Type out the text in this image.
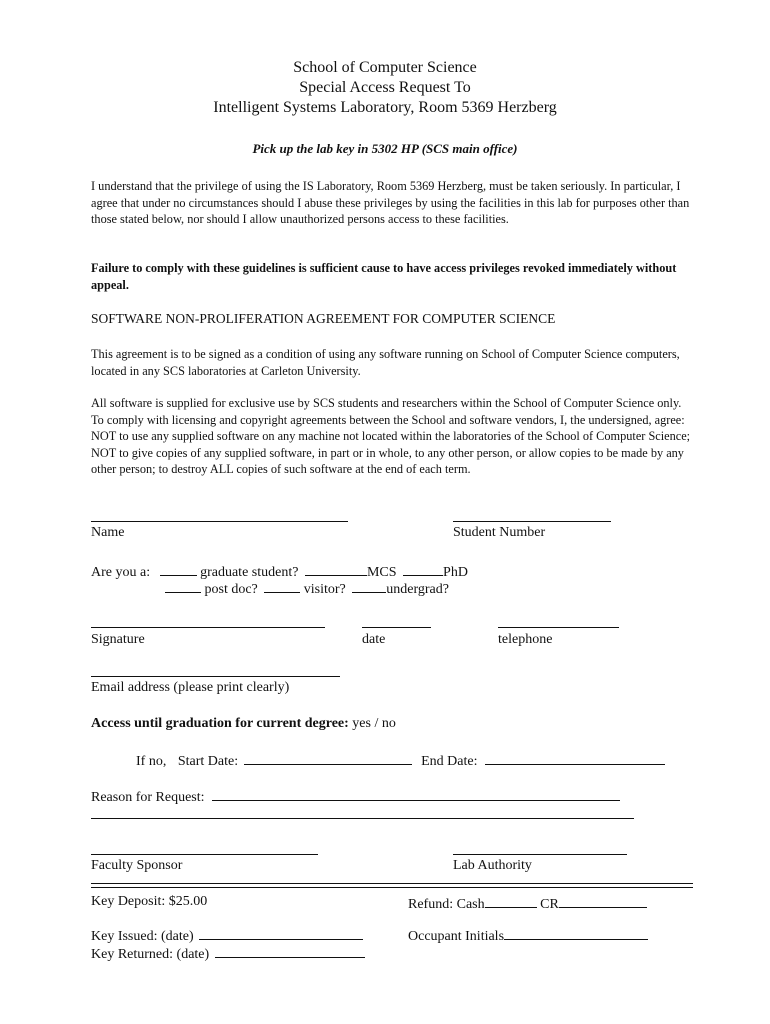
School of Computer Science
Special Access Request To
Intelligent Systems Laboratory, Room 5369 Herzberg
Pick up the lab key in 5302 HP (SCS main office)
I understand that the privilege of using the IS Laboratory, Room 5369 Herzberg, must be taken seriously. In particular, I agree that under no circumstances should I abuse these privileges by using the facilities in this lab for purposes other than those stated below, nor should I allow unauthorized persons access to these facilities.
Failure to comply with these guidelines is sufficient cause to have access privileges revoked immediately without appeal.
SOFTWARE NON-PROLIFERATION AGREEMENT FOR COMPUTER SCIENCE
This agreement is to be signed as a condition of using any software running on School of Computer Science computers, located in any SCS laboratories at Carleton University.
All software is supplied for exclusive use by SCS students and researchers within the School of Computer Science only. To comply with licensing and copyright agreements between the School and software vendors, I, the undersigned, agree: NOT to use any supplied software on any machine not located within the laboratories of the School of Computer Science; NOT to give copies of any supplied software, in part or in whole, to any other person, or allow copies to be made by any other person; to destroy ALL copies of such software at the end of each term.
Name	Student Number
Are you a:	graduate student?	MCS	PhD
post doc?	visitor?	undergrad?
Signature	date	telephone
Email address (please print clearly)
Access until graduation for current degree: yes / no
If no, Start Date:	End Date:
Reason for Request:
Faculty Sponsor	Lab Authority
Key Deposit: $25.00	Refund: Cash	CR
Key Issued: (date)	Occupant Initials
Key Returned: (date)
